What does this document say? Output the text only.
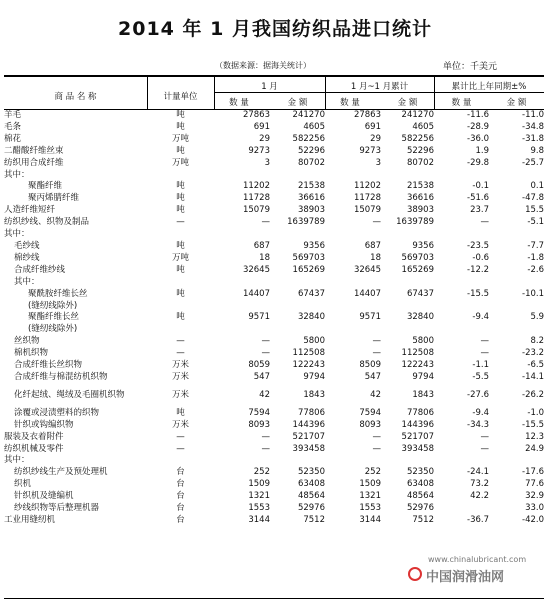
2014 年 1 月我国纺织品进口统计
（数据来源：据海关统计）	单位：千美元
商 品 名 称	计量单位
1 月	1 月~1 月累计	累计比上年同期±%
数 量	金 额	数 量	金 额	数 量	金 额
羊毛	吨	27863	241270	27863	241270	-11.6	-11.0
毛条	吨	691	4605	691	4605	-28.9	-34.8
棉花	万吨	29	582256	29	582256	-36.0	-31.8
二醋酸纤维丝束	吨	9273	52296	9273	52296	1.9	9.8
纺织用合成纤维	万吨	3	80702	3	80702	-29.8	-25.7
其中：							
聚酯纤维	吨	11202	21538	11202	21538	-0.1	0.1
聚丙烯腈纤维	吨	11728	36616	11728	36616	-51.6	-47.8
人造纤维短纤	吨	15079	38903	15079	38903	23.7	15.5
纺织纱线、织物及制品	—	—	1639789	—	1639789	—	-5.1
其中：							
毛纱线	吨	687	9356	687	9356	-23.5	-7.7
棉纱线	万吨	18	569703	18	569703	-0.6	-1.8
合成纤维纱线	吨	32645	165269	32645	165269	-12.2	-2.6
其中：							
聚酰胺纤维长丝	吨	14407	67437	14407	67437	-15.5	-10.1
(缝纫线除外)							
聚酯纤维长丝	吨	9571	32840	9571	32840	-9.4	5.9
(缝纫线除外)							
丝织物	—	—	5800	—	5800	—	8.2
棉机织物	—	—	112508	—	112508	—	-23.2
合成纤维长丝织物	万米	8059	122243	8509	122243	-1.1	-6.5
合成纤维与棉混纺机织物	万米	547	9794	547	9794	-5.5	-14.1
化纤起绒、绳绒及毛圈机织物	万米	42	1843	42	1843	-27.6	-26.2
涂覆或浸渍塑料的织物	吨	7594	77806	7594	77806	-9.4	-1.0
针织或钩编织物	万米	8093	144396	8093	144396	-34.3	-15.5
服装及衣着附件	—	—	521707	—	521707	—	12.3
纺织机械及零件	—	—	393458	—	393458	—	24.9
其中：							
纺织纱线生产及预处理机	台	252	52350	252	52350	-24.1	-17.6
织机	台	1509	63408	1509	63408	73.2	77.6
针织机及缝编机	台	1321	48564	1321	48564	42.2	32.9
纱线织物等后整理机器	台	1553	52976	1553	52976		33.0
工业用缝纫机	台	3144	7512	3144	7512	-36.7	-42.0
www.chinalubricant.com
中国润滑油网
